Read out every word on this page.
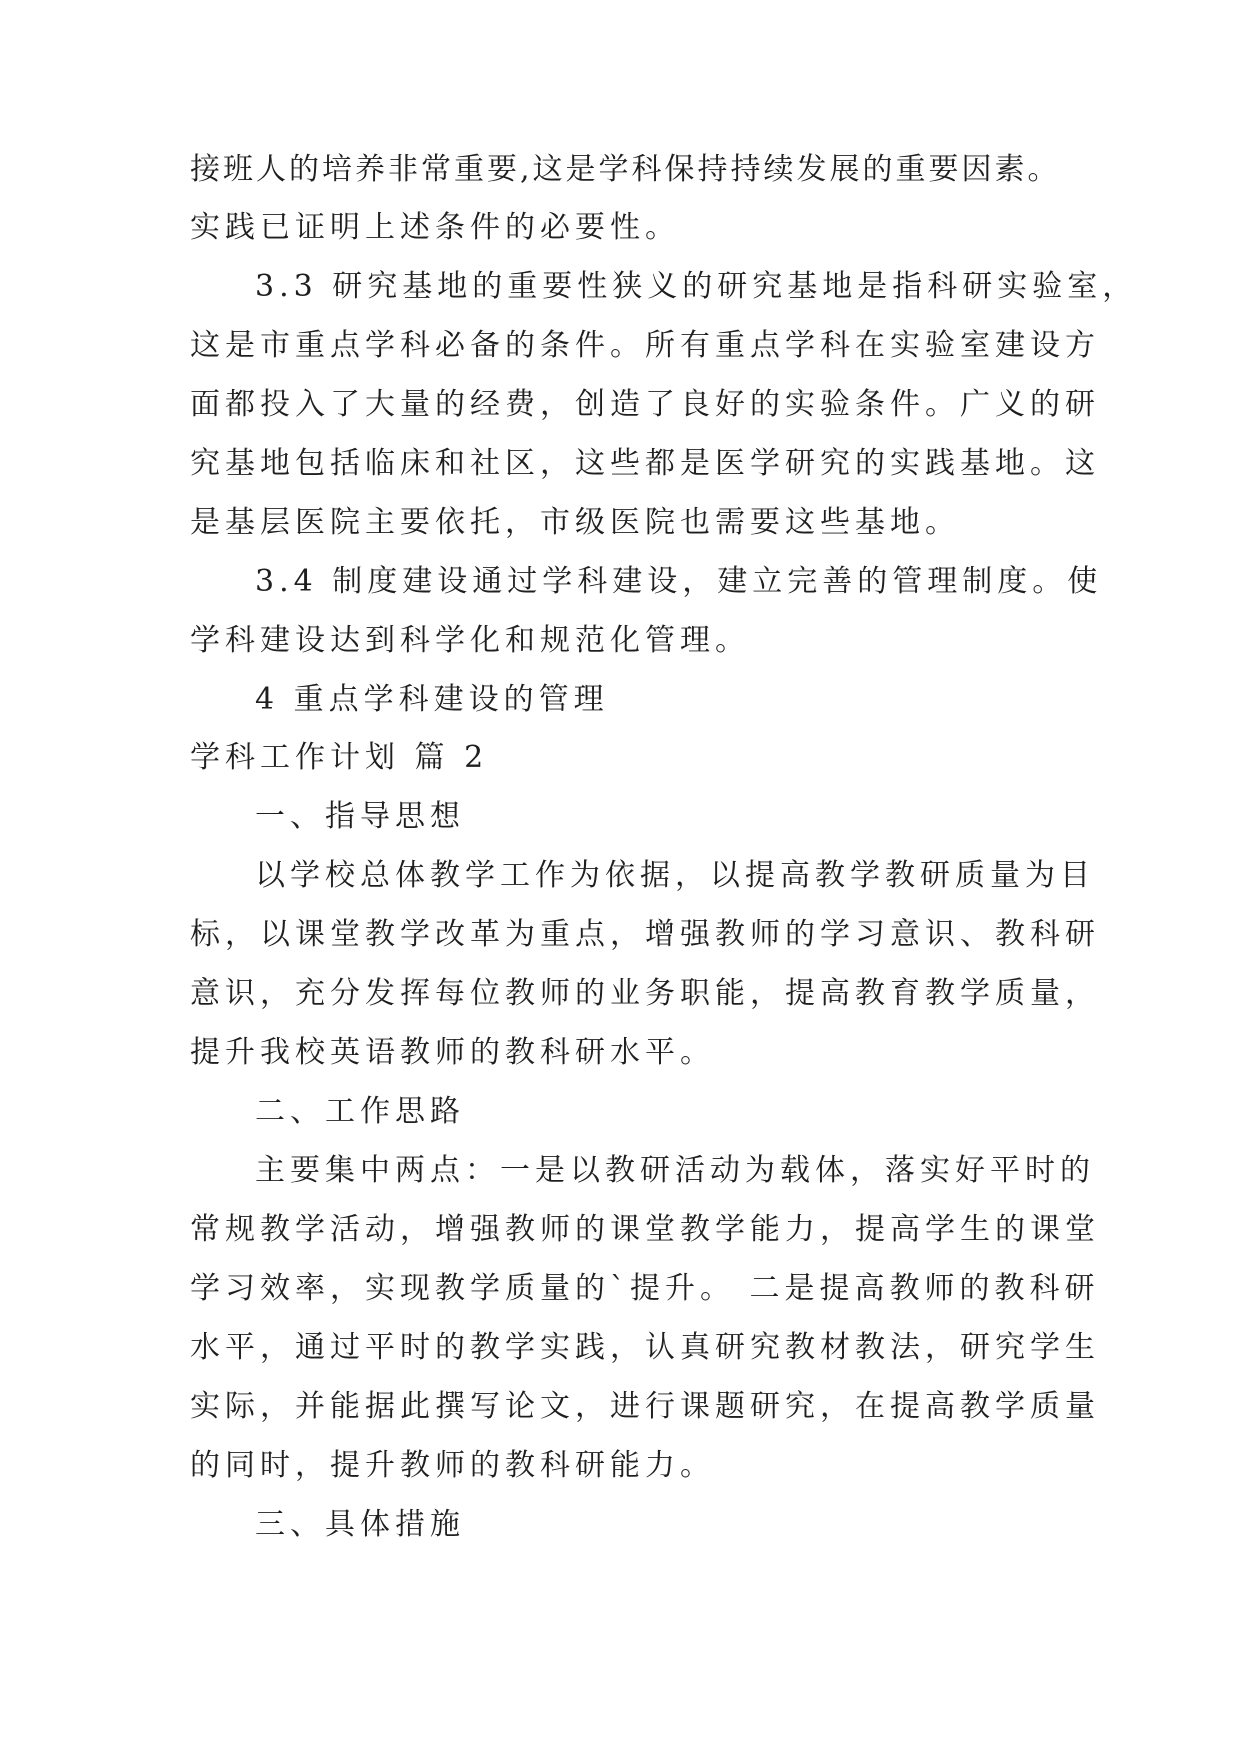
接班人的培养非常重要,这是学科保持持续发展的重要因素。
实践已证明上述条件的必要性。
3.3 研究基地的重要性狭义的研究基地是指科研实验室，
这是市重点学科必备的条件。所有重点学科在实验室建设方
面都投入了大量的经费，创造了良好的实验条件。广义的研
究基地包括临床和社区，这些都是医学研究的实践基地。这
是基层医院主要依托，市级医院也需要这些基地。
3.4 制度建设通过学科建设，建立完善的管理制度。使
学科建设达到科学化和规范化管理。
4 重点学科建设的管理
学科工作计划 篇 2
一、指导思想
以学校总体教学工作为依据，以提高教学教研质量为目
标，以课堂教学改革为重点，增强教师的学习意识、教科研
意识，充分发挥每位教师的业务职能，提高教育教学质量，
提升我校英语教师的教科研水平。
二、工作思路
主要集中两点：一是以教研活动为载体，落实好平时的
常规教学活动，增强教师的课堂教学能力，提高学生的课堂
学习效率，实现教学质量的`提升。 二是提高教师的教科研
水平，通过平时的教学实践，认真研究教材教法，研究学生
实际，并能据此撰写论文，进行课题研究，在提高教学质量
的同时，提升教师的教科研能力。
三、具体措施
